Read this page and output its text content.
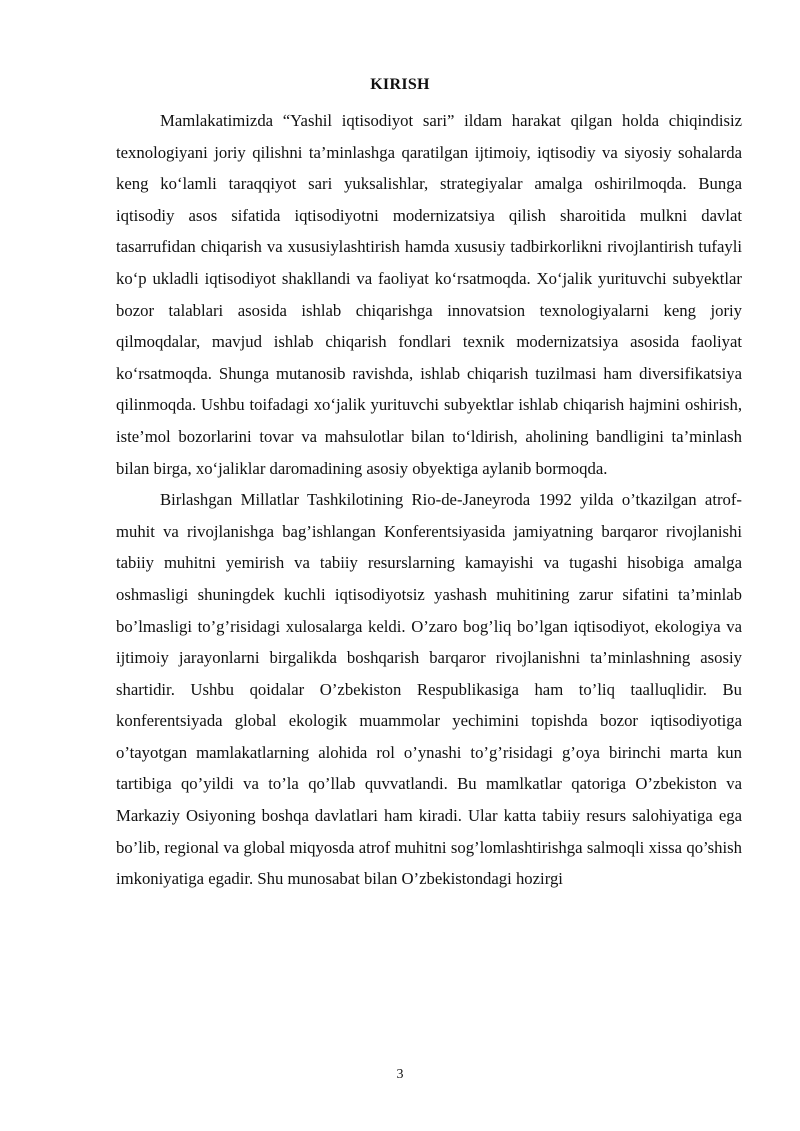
KIRISH

Mamlakatimizda “Yashil iqtisodiyot sari” ildam harakat qilgan holda chiqindisiz texnologiyani joriy qilishni ta’minlashga qaratilgan ijtimoiy, iqtisodiy va siyosiy sohalarda keng ko‘lamli taraqqiyot sari yuksalishlar, strategiyalar amalga oshirilmoqda. Bunga iqtisodiy asos sifatida iqtisodiyotni modernizatsiya qilish sharoitida mulkni davlat tasarrufidan chiqarish va xususiylashtirish hamda xususiy tadbirkorlikni rivojlantirish tufayli ko‘p ukladli iqtisodiyot shakllandi va faoliyat ko‘rsatmoqda. Xo‘jalik yurituvchi subyektlar bozor talablari asosida ishlab chiqarishga innovatsion texnologiyalarni keng joriy qilmoqdalar, mavjud ishlab chiqarish fondlari texnik modernizatsiya asosida faoliyat ko‘rsatmoqda. Shunga mutanosib ravishda, ishlab chiqarish tuzilmasi ham diversifikatsiya qilinmoqda. Ushbu toifadagi xo‘jalik yurituvchi subyektlar ishlab chiqarish hajmini oshirish, iste’mol bozorlarini tovar va mahsulotlar bilan to‘ldirish, aholining bandligini ta’minlash bilan birga, xo‘jaliklar daromadining asosiy obyektiga aylanib bormoqda.

Birlashgan Millatlar Tashkilotining Rio-de-Janeyroda 1992 yilda o’tkazilgan atrof-muhit va rivojlanishga bag’ishlangan Konferentsiyasida jamiyatning barqaror rivojlanishi tabiiy muhitni yemirish va tabiiy resurslarning kamayishi va tugashi hisobiga amalga oshmasligi shuningdek kuchli iqtisodiyotsiz yashash muhitining zarur sifatini ta’minlab bo’lmasligi to’g’risidagi xulosalarga keldi. O’zaro bog’liq bo’lgan iqtisodiyot, ekologiya va ijtimoiy jarayonlarni birgalikda boshqarish barqaror rivojlanishni ta’minlashning asosiy shartidir. Ushbu qoidalar O’zbekiston Respublikasiga ham to’liq taalluqlidir. Bu konferentsiyada global ekologik muammolar yechimini topishda bozor iqtisodiyotiga o’tayotgan mamlakatlarning alohida rol o’ynashi to’g’risidagi g’oya birinchi marta kun tartibiga qo’yildi va to’la qo’llab quvvatlandi. Bu mamlkatlar qatoriga O’zbekiston va Markaziy Osiyoning boshqa davlatlari ham kiradi. Ular katta tabiiy resurs salohiyatiga ega bo’lib, regional va global miqyosda atrof muhitni sog’lomlashtirishga salmoqli xissa qo’shish imkoniyatiga egadir. Shu munosabat bilan O’zbekistondagi hozirgi

3
